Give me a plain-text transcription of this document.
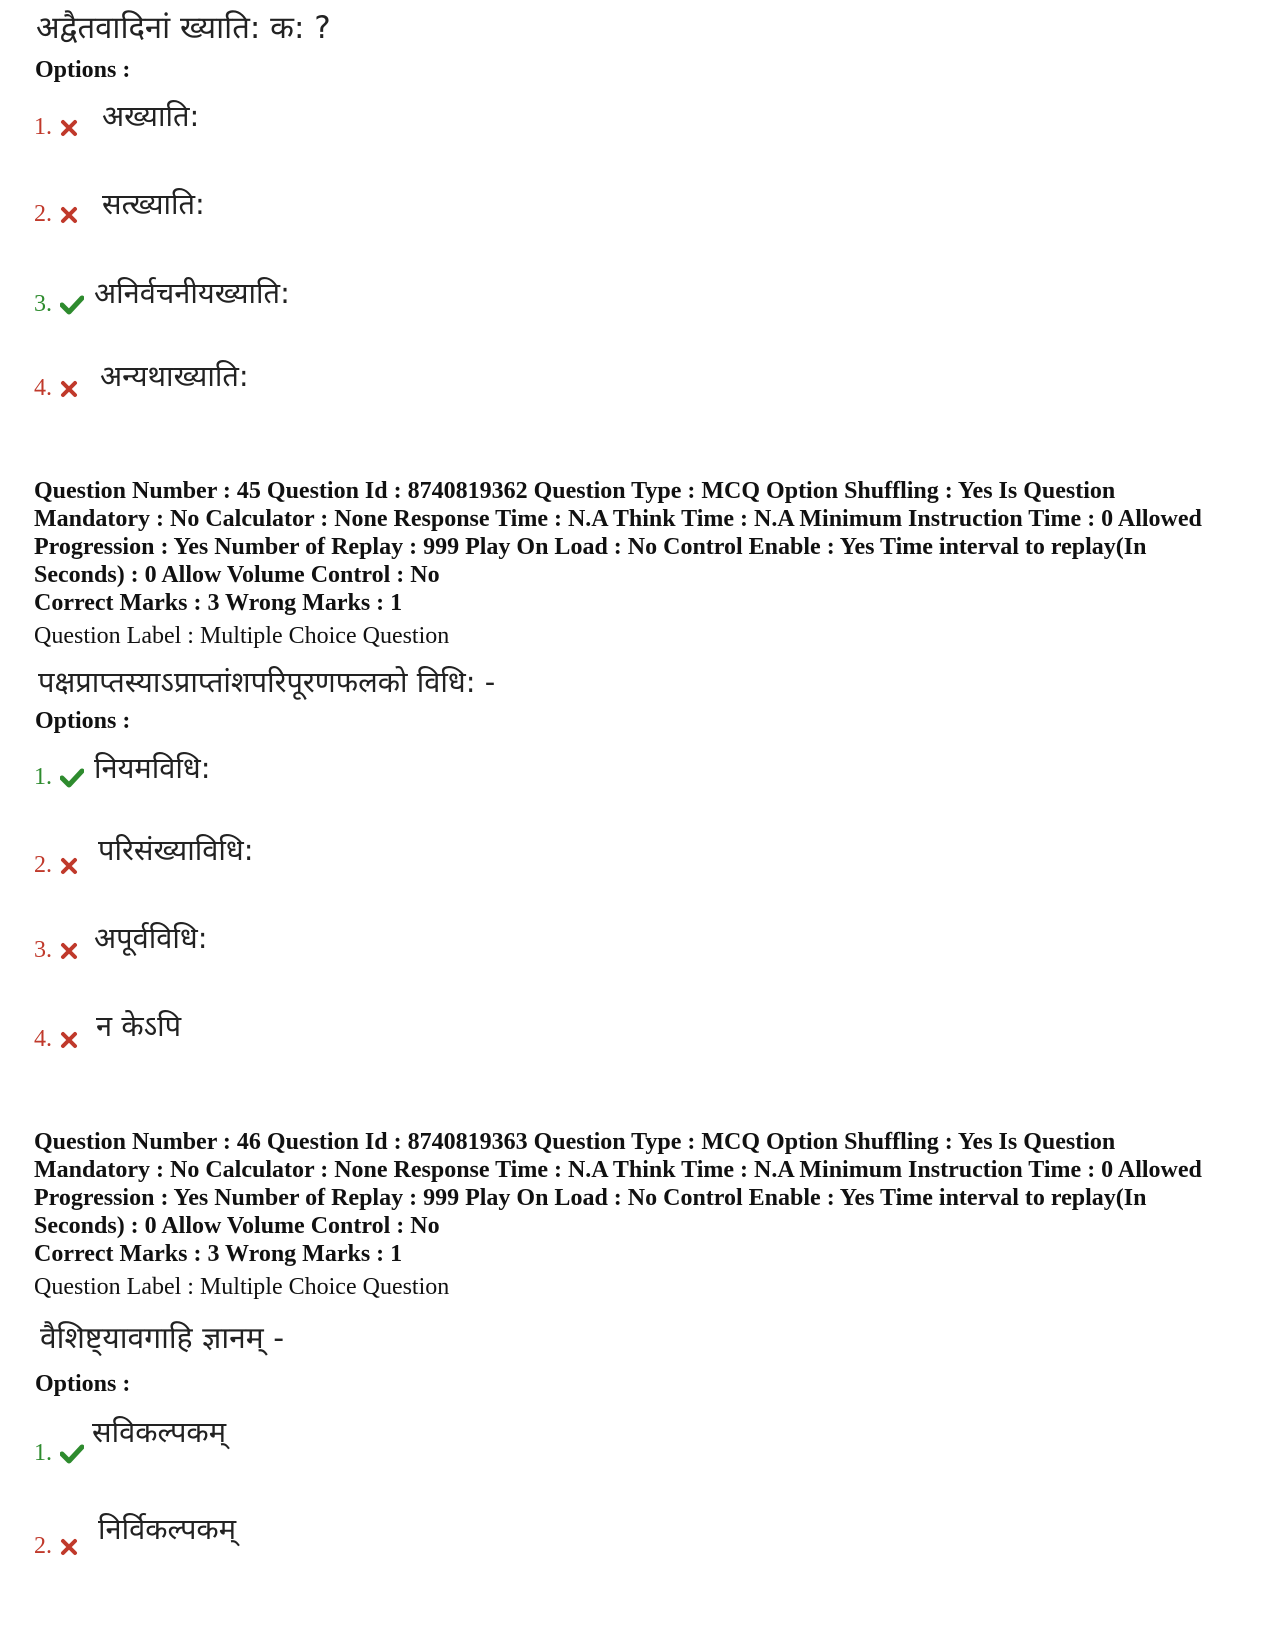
अद्वैतवादिनां ख्याति: क: ?
Options :
1.	अख्याति:
2.	सत्ख्याति:
3.	अनिर्वचनीयख्याति:
4.	अन्यथाख्याति:
Question Number : 45 Question Id : 8740819362 Question Type : MCQ Option Shuffling : Yes Is Question Mandatory : No Calculator : None Response Time : N.A Think Time : N.A Minimum Instruction Time : 0 Allowed Progression : Yes Number of Replay : 999 Play On Load : No Control Enable : Yes Time interval to replay(In Seconds) : 0 Allow Volume Control : No
Correct Marks : 3 Wrong Marks : 1
Question Label : Multiple Choice Question
पक्षप्राप्तस्याऽप्राप्तांशपरिपूरणफलको विधि: -
Options :
1.	नियमविधि:
2.	परिसंख्याविधि:
3.	अपूर्वविधि:
4.	न केऽपि
Question Number : 46 Question Id : 8740819363 Question Type : MCQ Option Shuffling : Yes Is Question Mandatory : No Calculator : None Response Time : N.A Think Time : N.A Minimum Instruction Time : 0 Allowed Progression : Yes Number of Replay : 999 Play On Load : No Control Enable : Yes Time interval to replay(In Seconds) : 0 Allow Volume Control : No
Correct Marks : 3 Wrong Marks : 1
Question Label : Multiple Choice Question
वैशिष्ट्यावगाहि ज्ञानम् -
Options :
1.
सविकल्पकम्
2.	निर्विकल्पकम्
